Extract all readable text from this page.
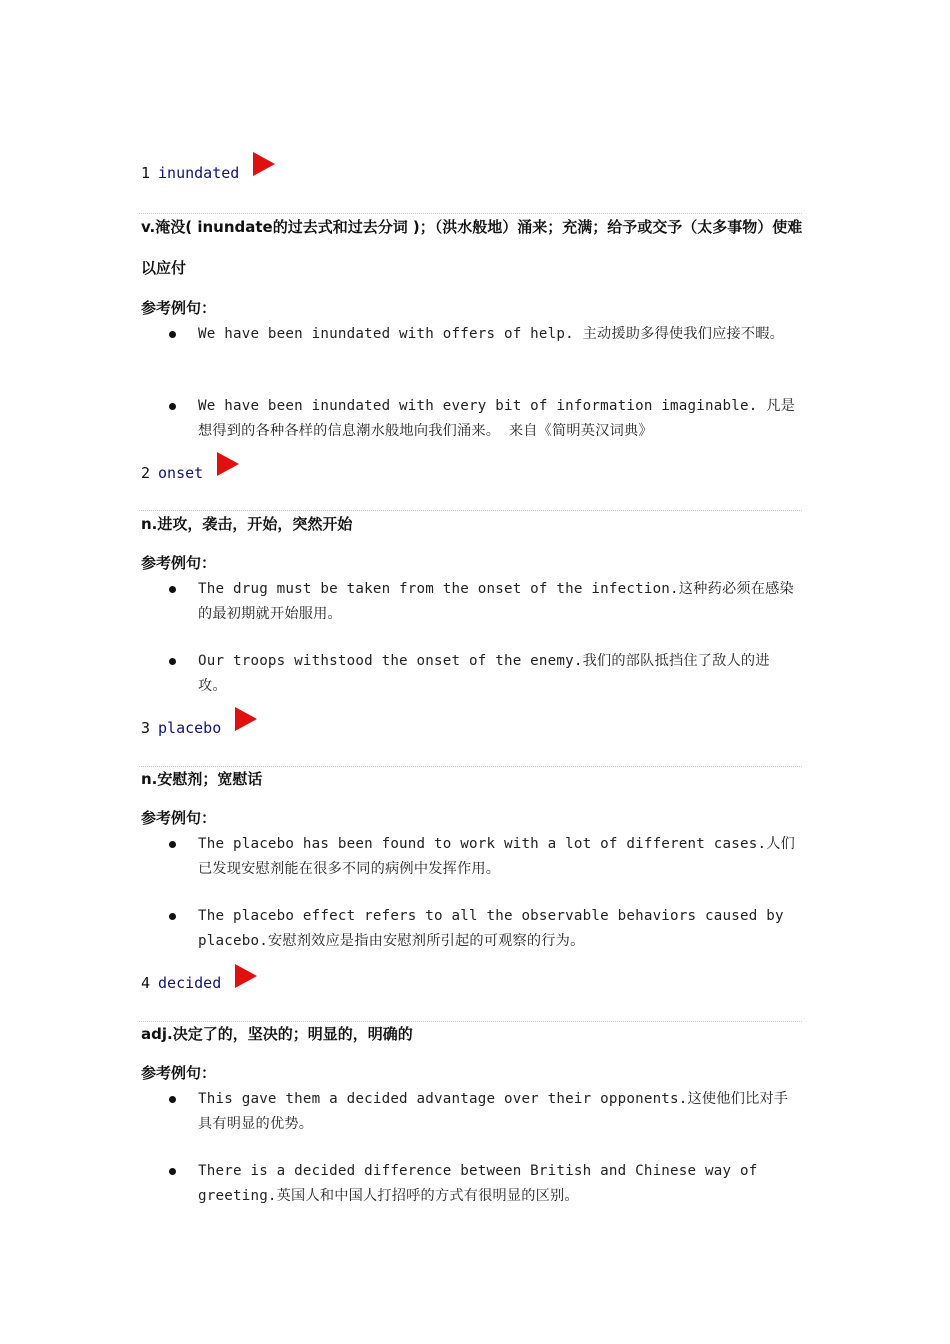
1 inundated
v.淹没( inundate的过去式和过去分词 )；（洪水般地）涌来；充满；给予或交予（太多事物）使难以应付
参考例句：
We have been inundated with offers of help. 主动援助多得使我们应接不暇。
We have been inundated with every bit of information imaginable. 凡是想得到的各种各样的信息潮水般地向我们涌来。 来自《简明英汉词典》
2 onset
n.进攻，袭击，开始，突然开始
参考例句：
The drug must be taken from the onset of the infection.这种药必须在感染的最初期就开始服用。
Our troops withstood the onset of the enemy.我们的部队抵挡住了敌人的进攻。
3 placebo
n.安慰剂；宽慰话
参考例句：
The placebo has been found to work with a lot of different cases.人们已发现安慰剂能在很多不同的病例中发挥作用。
The placebo effect refers to all the observable behaviors caused by placebo.安慰剂效应是指由安慰剂所引起的可观察的行为。
4 decided
adj.决定了的，坚决的；明显的，明确的
参考例句：
This gave them a decided advantage over their opponents.这使他们比对手具有明显的优势。
There is a decided difference between British and Chinese way of greeting.英国人和中国人打招呼的方式有很明显的区别。
